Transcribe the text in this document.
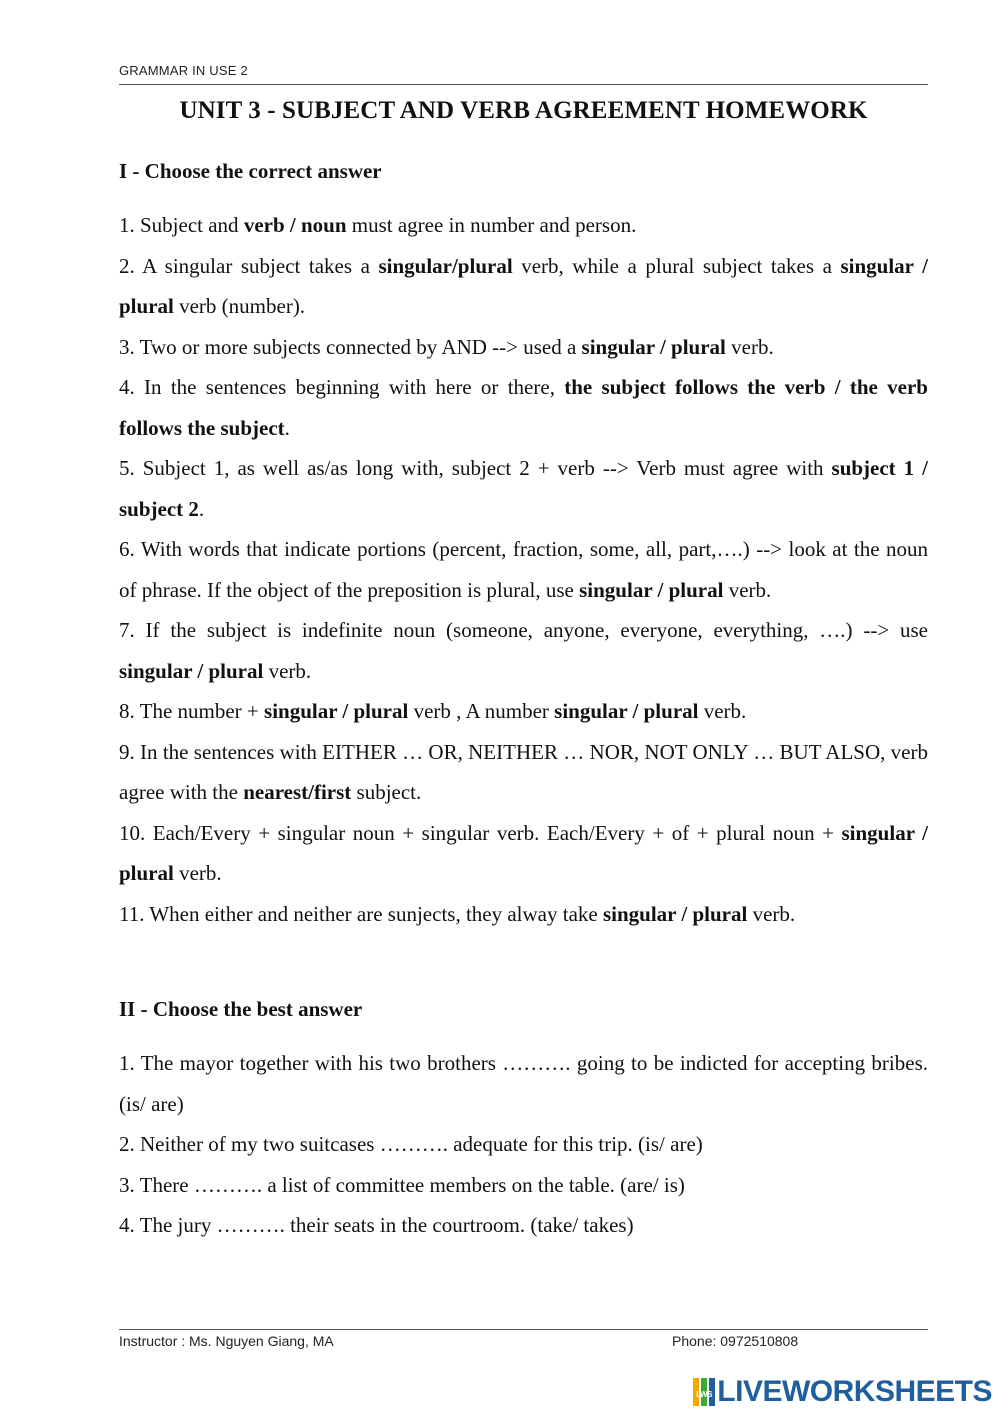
GRAMMAR IN USE 2
UNIT 3 - SUBJECT AND VERB AGREEMENT HOMEWORK
I - Choose the correct answer

1. Subject and verb / noun must agree in number and person.

2. A singular subject takes a singular/plural verb, while a plural subject takes a singular / plural verb (number).

3. Two or more subjects connected by AND --> used a singular / plural verb.

4. In the sentences beginning with here or there, the subject follows the verb / the verb follows the subject.

5. Subject 1, as well as/as long with, subject 2 + verb --> Verb must agree with subject 1 / subject 2.

6. With words that indicate portions (percent, fraction, some, all, part,….) --> look at the noun of phrase. If the object of the preposition is plural, use singular / plural verb.

7. If the subject is indefinite noun (someone, anyone, everyone, everything, ….) --> use singular / plural verb.

8. The number + singular / plural verb , A number singular / plural verb.

9. In the sentences with EITHER … OR, NEITHER … NOR, NOT ONLY … BUT ALSO, verb agree with the nearest/first subject.

10. Each/Every + singular noun + singular verb. Each/Every + of + plural noun + singular / plural verb.

11. When either and neither are sunjects, they alway take singular / plural verb.

II - Choose the best answer

1. The mayor together with his two brothers ………. going to be indicted for accepting bribes. (is/ are)

2. Neither of my two suitcases ………. adequate for this trip. (is/ are)

3. There ………. a list of committee members on the table. (are/ is)

4. The jury ………. their seats in the courtroom. (take/ takes)

Instructor : Ms. Nguyen Giang, MA	Phone: 0972510808
LWS LIVEWORKSHEETS
